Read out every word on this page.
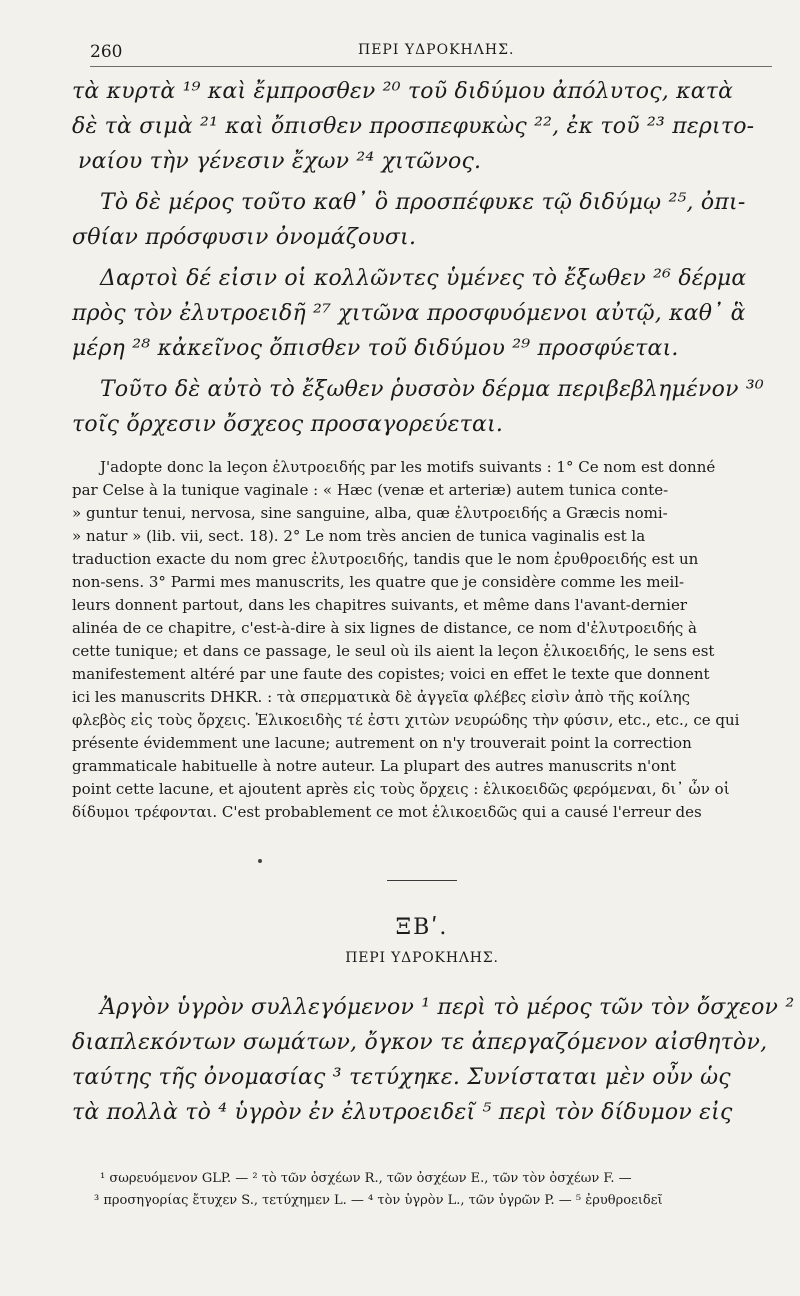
260	ΠΕΡΙ ΥΔΡΟΚΗΛΗΣ.
τὰ κυρτὰ ¹⁹ καὶ ἔμπροσθεν ²⁰ τοῦ διδύμου ἀπόλυτος, κατὰ
δὲ τὰ σιμὰ ²¹ καὶ ὄπισθεν προσπεφυκὼς ²², ἐκ τοῦ ²³ περιτο-
ναίου τὴν γένεσιν ἔχων ²⁴ χιτῶνος.
Τὸ δὲ μέρος τοῦτο καθ᾽ ὃ προσπέφυκε τῷ διδύμῳ ²⁵, ὀπι-
σθίαν πρόσφυσιν ὀνομάζουσι.
Δαρτοὶ δέ εἰσιν οἱ κολλῶντες ὑμένες τὸ ἔξωθεν ²⁶ δέρμα
πρὸς τὸν ἐλυτροειδῆ ²⁷ χιτῶνα προσφυόμενοι αὐτῷ, καθ᾽ ἃ
μέρη ²⁸ κἀκεῖνος ὄπισθεν τοῦ διδύμου ²⁹ προσφύεται.
Τοῦτο δὲ αὐτὸ τὸ ἔξωθεν ῥυσσὸν δέρμα περιβεβλημένον ³⁰
τοῖς ὄρχεσιν ὄσχεος προσαγορεύεται.
J'adopte donc la leçon ἐλυτροειδής par les motifs suivants : 1° Ce nom est donné
par Celse à la tunique vaginale : « Hæc (venæ et arteriæ) autem tunica conte-
» guntur tenui, nervosa, sine sanguine, alba, quæ ἐλυτροειδής a Græcis nomi-
» natur » (lib. vii, sect. 18). 2° Le nom très ancien de tunica vaginalis est la
traduction exacte du nom grec ἐλυτροειδής, tandis que le nom ἐρυθροειδής est un
non-sens. 3° Parmi mes manuscrits, les quatre que je considère comme les meil-
leurs donnent partout, dans les chapitres suivants, et même dans l'avant-dernier
alinéa de ce chapitre, c'est-à-dire à six lignes de distance, ce nom d'ἐλυτροειδής à
cette tunique; et dans ce passage, le seul où ils aient la leçon ἑλικοειδής, le sens est
manifestement altéré par une faute des copistes; voici en effet le texte que donnent
ici les manuscrits DHKR. : τὰ σπερματικὰ δὲ ἀγγεῖα φλέβες εἰσὶν ἀπὸ τῆς κοίλης
φλεβὸς εἰς τοὺς ὄρχεις. Ἑλικοειδὴς τέ ἐστι χιτὼν νευρώδης τὴν φύσιν, etc., etc., ce qui
présente évidemment une lacune; autrement on n'y trouverait point la correction
grammaticale habituelle à notre auteur. La plupart des autres manuscrits n'ont
point cette lacune, et ajoutent après εἰς τοὺς ὄρχεις : ἑλικοειδῶς φερόμεναι, δι᾽ ὧν οἱ
δίδυμοι τρέφονται. C'est probablement ce mot ἑλικοειδῶς qui a causé l'erreur des
ΞΒʹ.
ΠΕΡΙ ΥΔΡΟΚΗΛΗΣ.
Ἀργὸν ὑγρὸν συλλεγόμενον ¹ περὶ τὸ μέρος τῶν τὸν ὄσχεον ²
διαπλεκόντων σωμάτων, ὄγκον τε ἀπεργαζόμενον αἰσθητὸν,
ταύτης τῆς ὀνομασίας ³ τετύχηκε. Συνίσταται μὲν οὖν ὡς
τὰ πολλὰ τὸ ⁴ ὑγρὸν ἐν ἐλυτροειδεῖ ⁵ περὶ τὸν δίδυμον εἰς
¹ σωρευόμενον GLP. — ² τὸ τῶν ὀσχέων R., τῶν ὀσχέων E., τῶν τὸν ὀσχέων F. —
³ προσηγορίας ἔτυχεν S., τετύχημεν L. — ⁴ τὸν ὑγρὸν L., τῶν ὑγρῶν P. — ⁵ ἐρυθροειδεῖ
